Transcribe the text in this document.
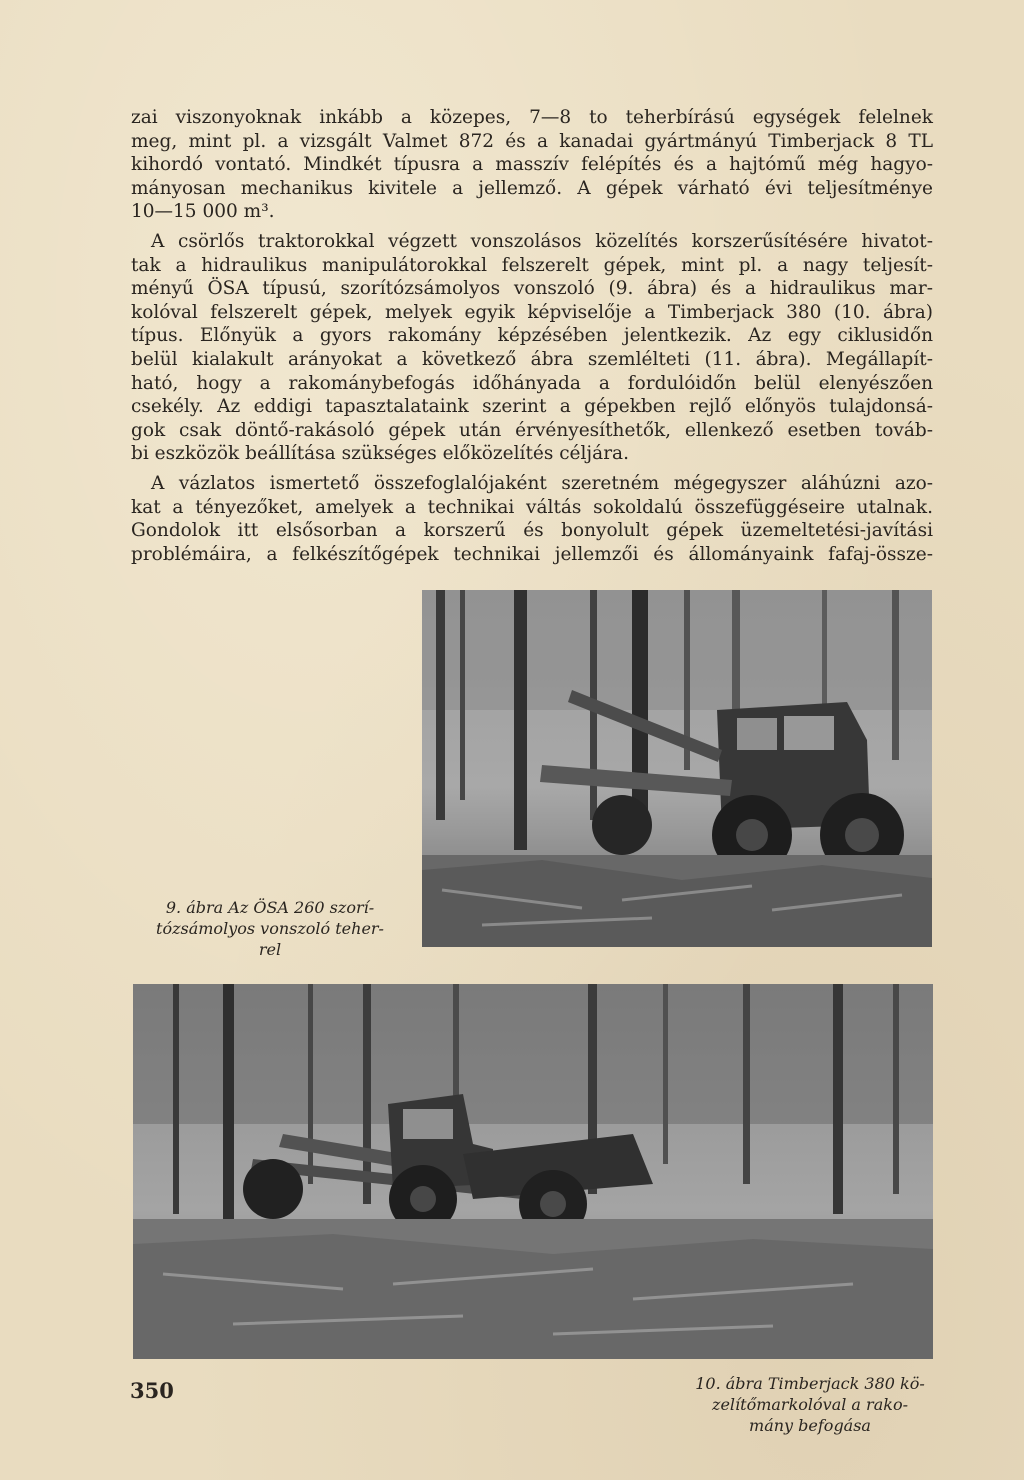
zai viszonyoknak inkább a közepes, 7—8 to teherbírású egységek felelnek
meg, mint pl. a vizsgált Valmet 872 és a kanadai gyártmányú Timberjack 8 TL
kihordó vontató. Mindkét típusra a masszív felépítés és a hajtómű még hagyo-
mányosan mechanikus kivitele a jellemző. A gépek várható évi teljesítménye
10—15 000 m³.
A csörlős traktorokkal végzett vonszolásos közelítés korszerűsítésére hivatot-
tak a hidraulikus manipulátorokkal felszerelt gépek, mint pl. a nagy teljesít-
ményű ÖSA típusú, szorítózsámolyos vonszoló (9. ábra) és a hidraulikus mar-
kolóval felszerelt gépek, melyek egyik képviselője a Timberjack 380 (10. ábra)
típus. Előnyük a gyors rakomány képzésében jelentkezik. Az egy ciklusidőn
belül kialakult arányokat a következő ábra szemlélteti (11. ábra). Megállapít-
ható, hogy a rakománybefogás időhányada a fordulóidőn belül elenyészően
csekély. Az eddigi tapasztalataink szerint a gépekben rejlő előnyös tulajdonsá-
gok csak döntő-rakásoló gépek után érvényesíthetők, ellenkező esetben továb-
bi eszközök beállítása szükséges előközelítés céljára.
A vázlatos ismertető összefoglalójaként szeretném mégegyszer aláhúzni azo-
kat a tényezőket, amelyek a technikai váltás sokoldalú összefüggéseire utalnak.
Gondolok itt elsősorban a korszerű és bonyolult gépek üzemeltetési-javítási
problémáira, a felkészítőgépek technikai jellemzői és állományaink fafaj-össze-
9. ábra Az ÖSA 260 szorí-
tózsámolyos vonszoló teher-
rel
10. ábra Timberjack 380 kö-
zelítőmarkolóval a rako-
mány befogása
350
